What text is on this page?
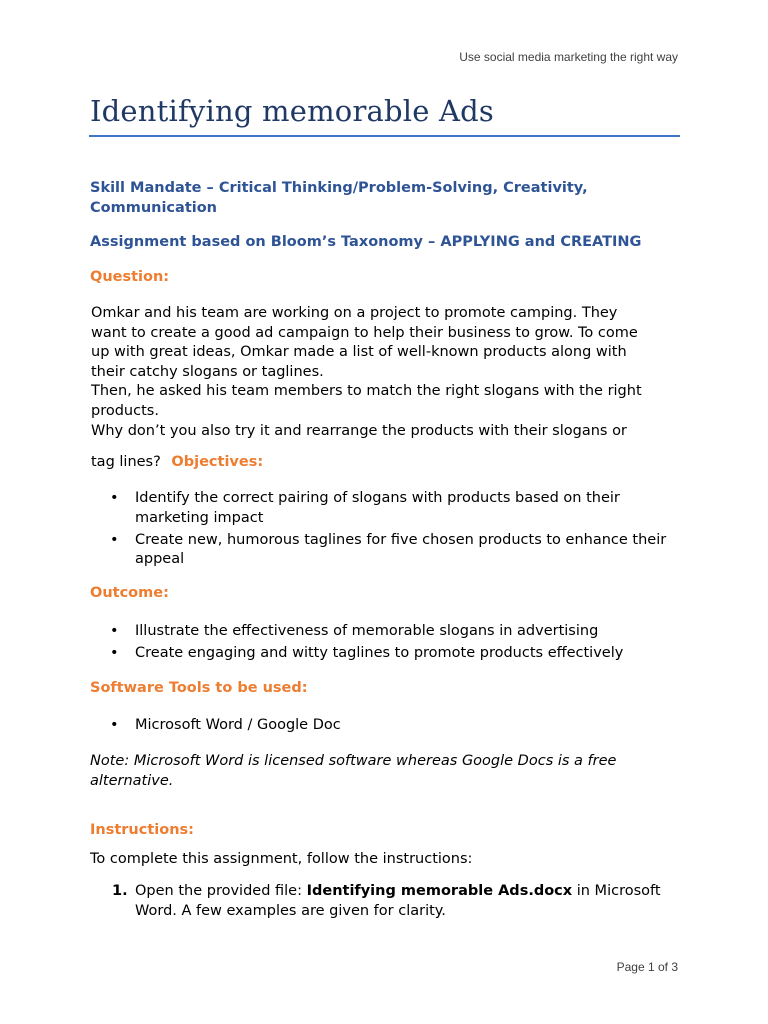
Use social media marketing the right way
Identifying memorable Ads

Skill Mandate – Critical Thinking/Problem-Solving, Creativity, Communication

Assignment based on Bloom’s Taxonomy – APPLYING and CREATING

Question:

Omkar and his team are working on a project to promote camping. They
want to create a good ad campaign to help their business to grow. To come
up with great ideas, Omkar made a list of well-known products along with
their catchy slogans or taglines.
Then, he asked his team members to match the right slogans with the right
products.
Why don’t you also try it and rearrange the products with their slogans or

tag lines? Objectives:

• Identify the correct pairing of slogans with products based on their marketing impact
• Create new, humorous taglines for five chosen products to enhance their appeal

Outcome:

• Illustrate the effectiveness of memorable slogans in advertising
• Create engaging and witty taglines to promote products effectively

Software Tools to be used:

• Microsoft Word / Google Doc

Note: Microsoft Word is licensed software whereas Google Docs is a free alternative.

Instructions:

To complete this assignment, follow the instructions:

1. Open the provided file: Identifying memorable Ads.docx in Microsoft Word. A few examples are given for clarity.
Page 1 of 3
